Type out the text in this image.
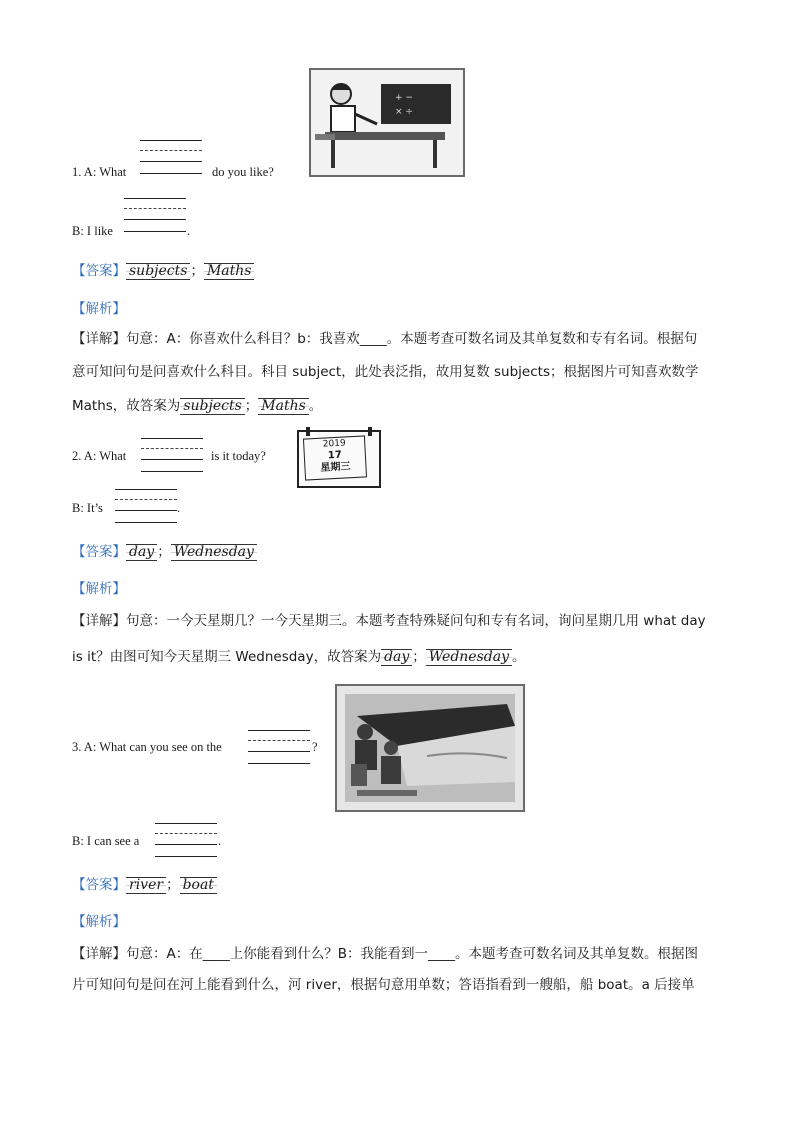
+ −
× ÷
1. A: What	do you like?
B: I like	.
【答案】 subjects ； Maths
【解析】
【详解】句意：A：你喜欢什么科目？b：我喜欢____。本题考查可数名词及其单复数和专有名词。根据句
意可知问句是问喜欢什么科目。科目 subject，此处表泛指，故用复数 subjects；根据图片可知喜欢数学
Maths，故答案为 subjects ； Maths 。
2. A: What	is it today?
2019
17
星期三
B: It’s	.
【答案】 day ； Wednesday
【解析】
【详解】句意：一今天星期几？一今天星期三。本题考查特殊疑问句和专有名词，询问星期几用 what day
is it？由图可知今天星期三 Wednesday，故答案为 day ； Wednesday 。
3. A: What can you see on the	?
B: I can see a	.
【答案】 river ； boat
【解析】
【详解】句意：A：在____上你能看到什么？B：我能看到一____。本题考查可数名词及其单复数。根据图
片可知问句是问在河上能看到什么，河 river，根据句意用单数；答语指看到一艘船，船 boat。a 后接单
